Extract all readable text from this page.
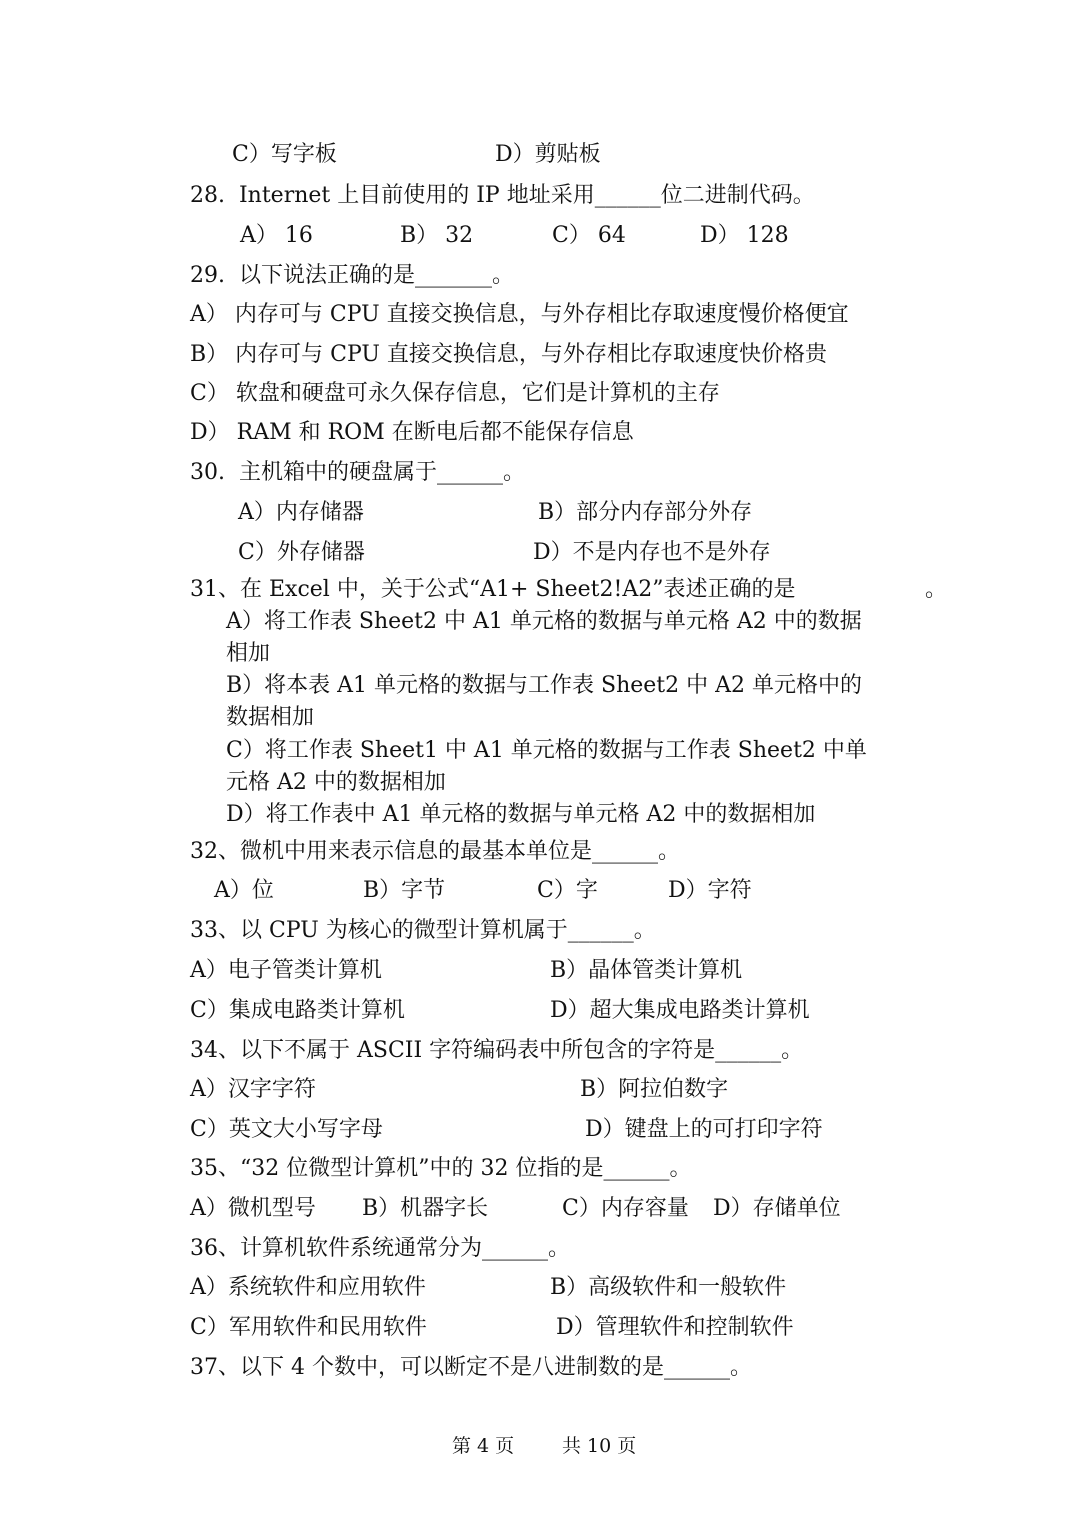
C）写字板	D）剪贴板
28.  Internet 上目前使用的 IP 地址采用______位二进制代码。
A） 16	B） 32	C） 64	D） 128
29.  以下说法正确的是_______。
A） 内存可与 CPU 直接交换信息，与外存相比存取速度慢价格便宜
B） 内存可与 CPU 直接交换信息，与外存相比存取速度快价格贵
C） 软盘和硬盘可永久保存信息，它们是计算机的主存
D） RAM 和 ROM 在断电后都不能保存信息
30.  主机箱中的硬盘属于______。
A）内存储器	B）部分内存部分外存
C）外存储器	D）不是内存也不是外存
31、在 Excel 中，关于公式“A1+ Sheet2!A2”表述正确的是	。
A）将工作表 Sheet2 中 A1 单元格的数据与单元格 A2 中的数据
相加
B）将本表 A1 单元格的数据与工作表 Sheet2 中 A2 单元格中的
数据相加
C）将工作表 Sheet1 中 A1 单元格的数据与工作表 Sheet2 中单
元格 A2 中的数据相加
D）将工作表中 A1 单元格的数据与单元格 A2 中的数据相加
32、微机中用来表示信息的最基本单位是______。
A）位	B）字节	C）字	D）字符
33、以 CPU 为核心的微型计算机属于______。
A）电子管类计算机	B）晶体管类计算机
C）集成电路类计算机	D）超大集成电路类计算机
34、以下不属于 ASCII 字符编码表中所包含的字符是______。
A）汉字字符	B）阿拉伯数字
C）英文大小写字母	D）键盘上的可打印字符
35、“32 位微型计算机”中的 32 位指的是______。
A）微机型号 B）机器字长	C）内存容量 D）存储单位
36、计算机软件系统通常分为______。
A）系统软件和应用软件	B）高级软件和一般软件
C）军用软件和民用软件	D）管理软件和控制软件
37、以下 4 个数中，可以断定不是八进制数的是______。
第 4 页	共 10 页
